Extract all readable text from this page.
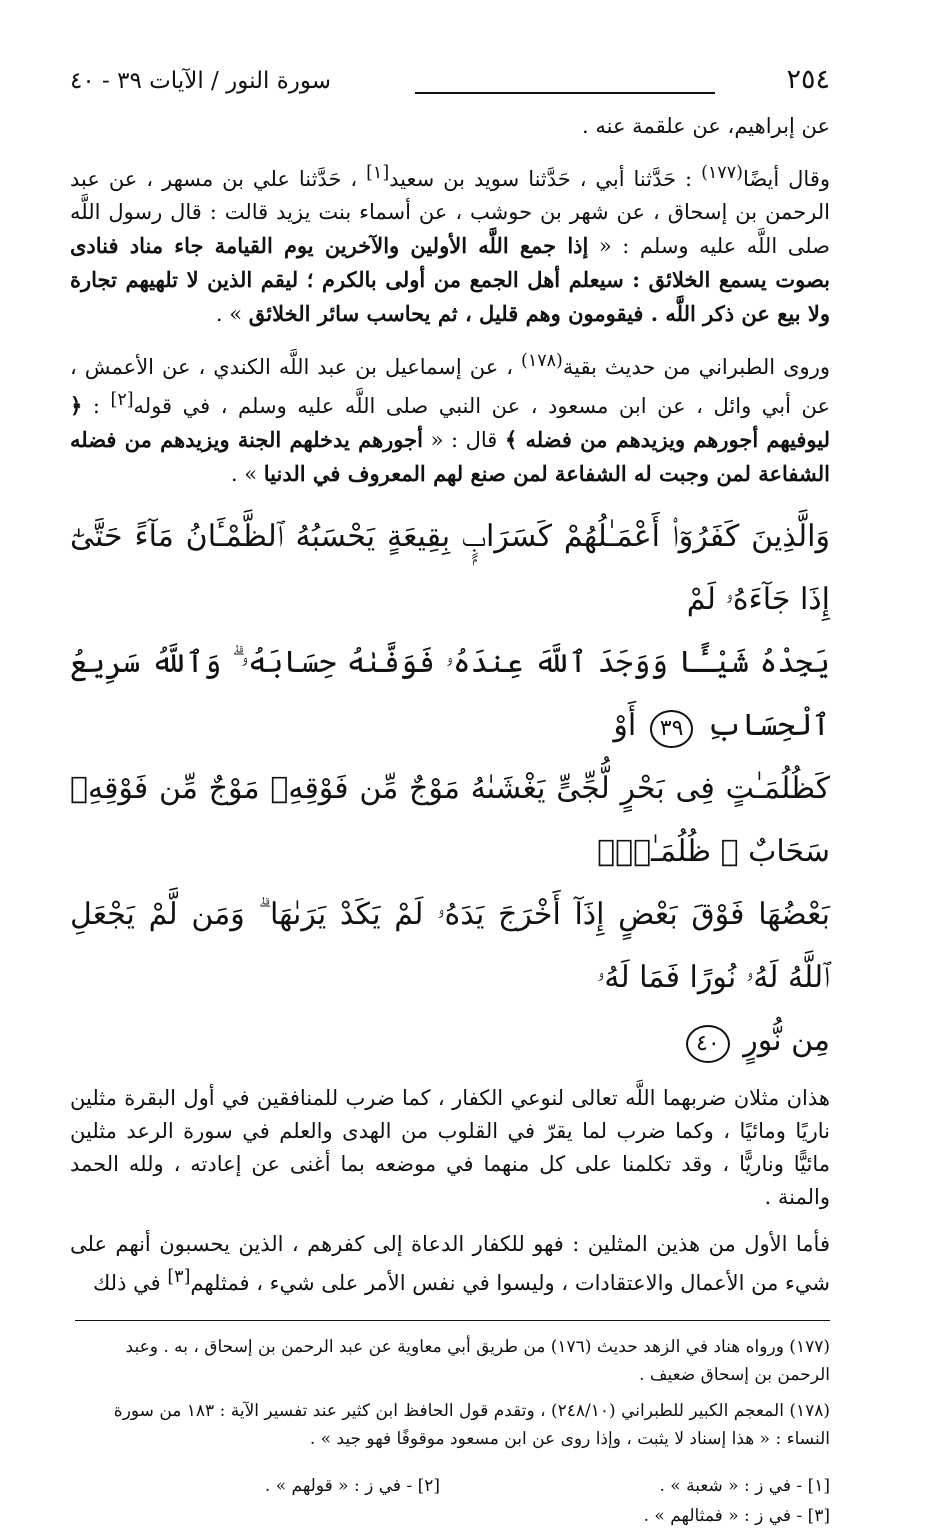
٢٥٤
سورة النور / الآيات ٣٩ - ٤٠

عن إبراهيم، عن علقمة عنه .

وقال أيضًا$^{(١٧٧)}$ : حَدَّثنا أبي ، حَدَّثنا سويد بن سعيد[١] ، حَدَّثنا علي بن مسهر ، عن عبد الرحمن بن إسحاق ، عن شهر بن حوشب ، عن أسماء بنت يزيد قالت : قال رسول اللَّه صلى اللَّه عليه وسلم : « إذا جمع اللَّه الأولين والآخرين يوم القيامة جاء مناد فنادى بصوت يسمع الخلائق : سيعلم أهل الجمع من أولى بالكرم ؛ ليقم الذين لا تلهيهم تجارة ولا بيع عن ذكر اللَّه . فيقومون وهم قليل ، ثم يحاسب سائر الخلائق » .

وروى الطبراني من حديث بقية$^{(١٧٨)}$ ، عن إسماعيل بن عبد اللَّه الكندي ، عن الأعمش ، عن أبي وائل ، عن ابن مسعود ، عن النبي صلى اللَّه عليه وسلم ، في قوله[٢] : ﴿ ليوفيهم أجورهم ويزيدهم من فضله ﴾ قال : « أجورهم يدخلهم الجنة ويزيدهم من فضله الشفاعة لمن وجبت له الشفاعة لمن صنع لهم المعروف في الدنيا » .

وَالَّذِينَ كَفَرُوٓا۟ أَعْمَـٰلُهُمْ كَسَرَابٍۭ بِقِيعَةٍ يَحْسَبُهُ ٱلظَّمْـَٔانُ مَآءً حَتَّىٰٓ إِذَا جَآءَهُۥ لَمْ
يَجِدْهُ شَيْـًٔا وَوَجَدَ ٱللَّهَ عِندَهُۥ فَوَفَّىٰهُ حِسَابَهُۥ ۗ وَٱللَّهُ سَرِيعُ ٱلْحِسَابِ ٣٩ أَوْ
كَظُلُمَـٰتٍ فِى بَحْرٍ لُّجِّىٍّ يَغْشَىٰهُ مَوْجٌ مِّن فَوْقِهِۦ مَوْجٌ مِّن فَوْقِهِۦ سَحَابٌ ۚ ظُلُمَـٰتٌۢ
بَعْضُهَا فَوْقَ بَعْضٍ إِذَآ أَخْرَجَ يَدَهُۥ لَمْ يَكَدْ يَرَىٰهَا ۗ وَمَن لَّمْ يَجْعَلِ ٱللَّهُ لَهُۥ نُورًا فَمَا لَهُۥ
مِن نُّورٍ ٤٠

هذان مثلان ضربهما اللَّه تعالى لنوعي الكفار ، كما ضرب للمنافقين في أول البقرة مثلين ناريًا ومائيًا ، وكما ضرب لما يقرّ في القلوب من الهدى والعلم في سورة الرعد مثلين مائيًّا وناريًّا ، وقد تكلمنا على كل منهما في موضعه بما أغنى عن إعادته ، ولله الحمد والمنة .

فأما الأول من هذين المثلين : فهو للكفار الدعاة إلى كفرهم ، الذين يحسبون أنهم على شيء من الأعمال والاعتقادات ، وليسوا في نفس الأمر على شيء ، فمثلهم[٣] في ذلك

(١٧٧) ورواه هناد في الزهد حديث (١٧٦) من طريق أبي معاوية عن عبد الرحمن بن إسحاق ، به . وعبد الرحمن بن إسحاق ضعيف .
(١٧٨) المعجم الكبير للطبراني (٢٤٨/١٠) ، وتقدم قول الحافظ ابن كثير عند تفسير الآية : ١٨٣ من سورة النساء : « هذا إسناد لا يثبت ، وإذا روى عن ابن مسعود موقوفًا فهو جيد » .
[١] - في ز : « شعبة » .
[٢] - في ز : « قولهم » .
[٣] - في ز : « فمثالهم » .
